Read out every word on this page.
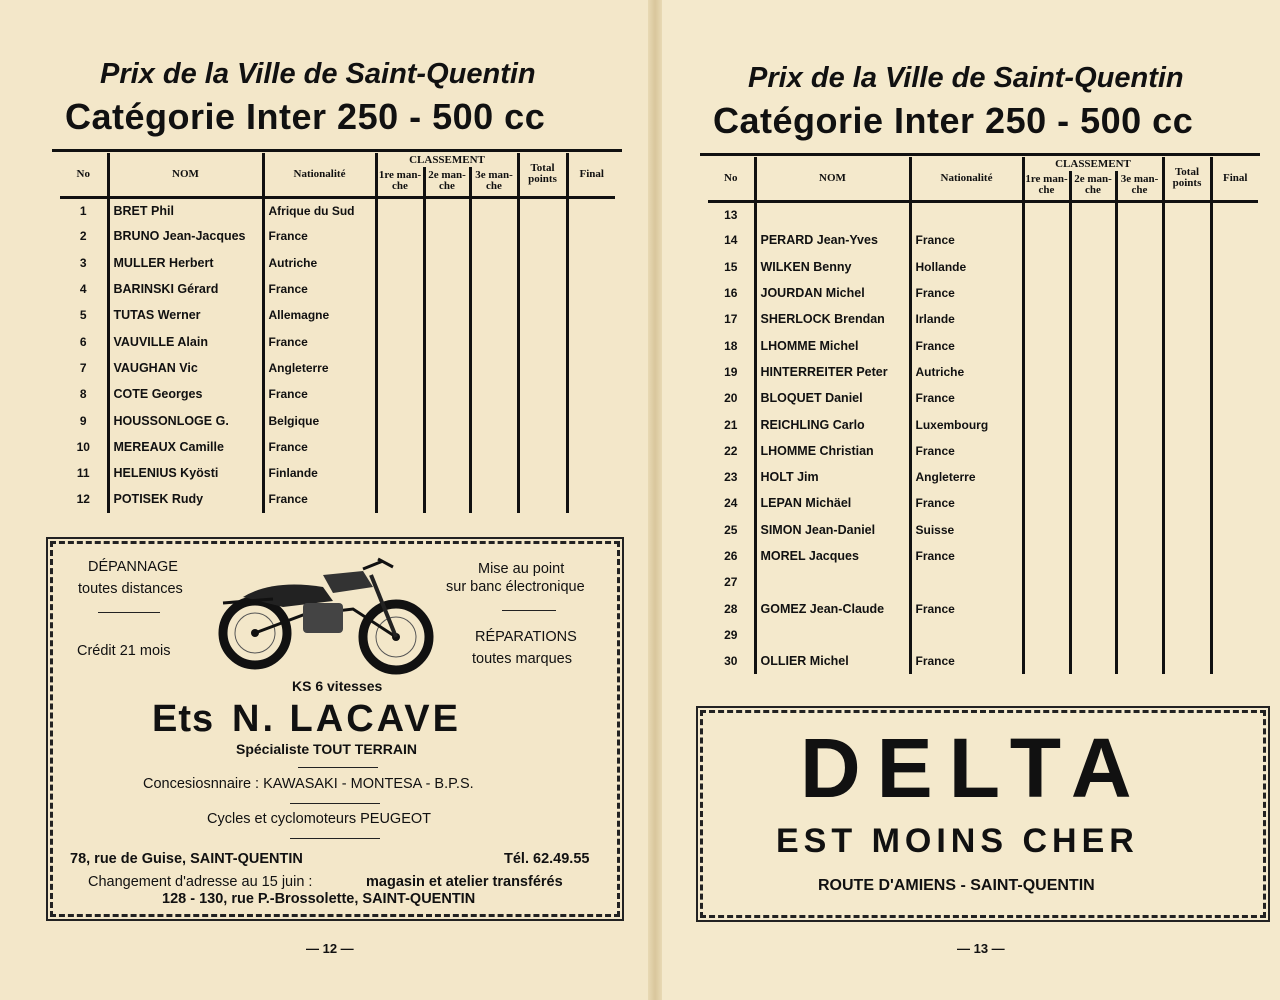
Prix de la Ville de Saint-Quentin
Catégorie Inter 250 - 500 cc
Prix de la Ville de Saint-Quentin
Catégorie Inter 250 - 500 cc
No	NOM	Nationalité	CLASSEMENT			Total points	Final
			1re man-che	2e man-che	3e man-che		
1	BRET Phil	Afrique du Sud					
2	BRUNO Jean-Jacques	France					
3	MULLER Herbert	Autriche					
4	BARINSKI Gérard	France					
5	TUTAS Werner	Allemagne					
6	VAUVILLE Alain	France					
7	VAUGHAN Vic	Angleterre					
8	COTE Georges	France					
9	HOUSSONLOGE G.	Belgique					
10	MEREAUX Camille	France					
11	HELENIUS Kyösti	Finlande					
12	POTISEK Rudy	France					
No	NOM	Nationalité	CLASSEMENT			Total points	Final
			1re man-che	2e man-che	3e man-che		
13							
14	PERARD Jean-Yves	France					
15	WILKEN Benny	Hollande					
16	JOURDAN Michel	France					
17	SHERLOCK Brendan	Irlande					
18	LHOMME Michel	France					
19	HINTERREITER Peter	Autriche					
20	BLOQUET Daniel	France					
21	REICHLING Carlo	Luxembourg					
22	LHOMME Christian	France					
23	HOLT Jim	Angleterre					
24	LEPAN Michäel	France					
25	SIMON Jean-Daniel	Suisse					
26	MOREL Jacques	France					
27							
28	GOMEZ Jean-Claude	France					
29							
30	OLLIER Michel	France					
DÉPANNAGE
toutes distances
Crédit 21 mois
Mise au point
sur banc électronique
RÉPARATIONS
toutes marques
KS 6 vitesses
Ets N. LACAVE
Spécialiste TOUT TERRAIN
Concesiosnnaire : KAWASAKI - MONTESA - B.P.S.
Cycles et cyclomoteurs PEUGEOT
78, rue de Guise, SAINT-QUENTIN	Tél. 62.49.55
Changement d'adresse au 15 juin :	magasin et atelier transférés
128 - 130, rue P.-Brossolette, SAINT-QUENTIN
DELTA
EST MOINS CHER
ROUTE D'AMIENS - SAINT-QUENTIN
— 12 —	— 13 —
